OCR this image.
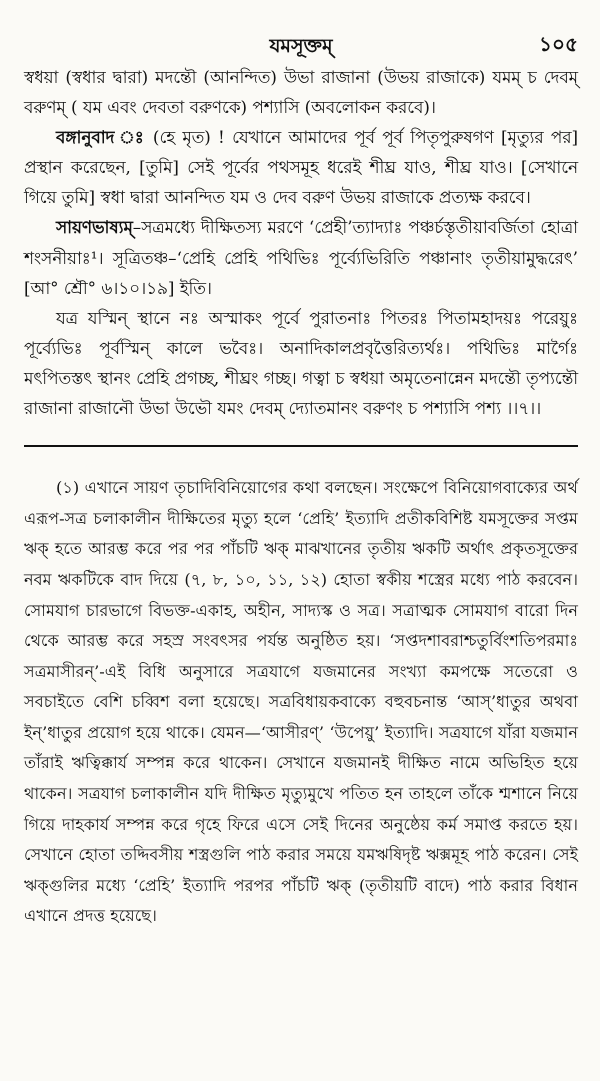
যমসূক্তম্	১০৫

স্বধয়া (স্বধার দ্বারা) মদন্তৌ (আনন্দিত) উভা রাজানা (উভয় রাজাকে) যমম্ চ দেবম্ বরুণম্ ( যম এবং দেবতা বরুণকে) পশ্যাসি (অবলোকন করবে)।

বঙ্গানুবাদ ঃ (হে মৃত) ! যেখানে আমাদের পূর্ব পূর্ব পিতৃপুরুষগণ [মৃত্যুর পর] প্রস্থান করেছেন, [তুমি] সেই পূর্বের পথসমূহ ধরেই শীঘ্র যাও, শীঘ্র যাও। [সেখানে গিয়ে তুমি] স্বধা দ্বারা আনন্দিত যম ও দেব বরুণ উভয় রাজাকে প্রত্যক্ষ করবে।

সায়ণভাষ্যম্–সত্রমধ্যে দীক্ষিতস্য মরণে ‘প্রেহী’ত্যাদ্যাঃ পঞ্চর্চস্তৃতীয়াবর্জিতা হোত্রা শংসনীয়াঃ¹। সূত্রিতঞ্চ–‘প্রেহি প্রেহি পথিভিঃ পূর্ব্যেভিরিতি পঞ্চানাং তৃতীয়ামুদ্ধরেৎ’ [আ° শ্রৌ° ৬।১০।১৯] ইতি।

যত্র যস্মিন্ স্থানে নঃ অস্মাকং পূর্বে পুরাতনাঃ পিতরঃ পিতামহাদয়ঃ পরেয়ুঃ পূর্ব্যেভিঃ পূর্বস্মিন্ কালে ভবৈঃ। অনাদিকালপ্রবৃত্তৈরিত্যর্থঃ। পথিভিঃ মার্গৈঃ মৎপিতস্তৎ স্থানং প্রেহি প্রগচ্ছ, শীঘ্রং গচ্ছ। গত্বা চ স্বধয়া অমৃতেনান্নেন মদন্তৌ তৃপ্যন্তৌ রাজানা রাজানৌ উভা উভৌ যমং দেবম্ দ্যোতমানং বরুণং চ পশ্যাসি পশ্য ।।৭।।

(১) এখানে সায়ণ তৃচাদিবিনিয়োগের কথা বলছেন। সংক্ষেপে বিনিয়োগবাক্যের অর্থ এরূপ-সত্র চলাকালীন দীক্ষিতের মৃত্যু হলে ‘প্রেহি’ ইত্যাদি প্রতীকবিশিষ্ট যমসূক্তের সপ্তম ঋক্ হতে আরম্ভ করে পর পর পাঁচটি ঋক্ মাঝখানের তৃতীয় ঋকটি অর্থাৎ প্রকৃতসূক্তের নবম ঋকটিকে বাদ দিয়ে (৭, ৮, ১০, ১১, ১২) হোতা স্বকীয় শস্ত্রের মধ্যে পাঠ করবেন। সোমযাগ চারভাগে বিভক্ত-একাহ, অহীন, সাদ্যস্ক ও সত্র। সত্রাত্মক সোমযাগ বারো দিন থেকে আরম্ভ করে সহস্র সংবৎসর পর্যন্ত অনুষ্ঠিত হয়। ‘সপ্তদশাবরাশ্চতুর্বিংশতিপরমাঃ সত্রমাসীরন্’-এই বিধি অনুসারে সত্রযাগে যজমানের সংখ্যা কমপক্ষে সতেরো ও সবচাইতে বেশি চব্বিশ বলা হয়েছে। সত্রবিধায়কবাক্যে বহুবচনান্ত ‘আস্’ধাতুর অথবা ইন্’ধাতুর প্রয়োগ হয়ে থাকে। যেমন—‘আসীরণ্’ ‘উপেয়ু’ ইত্যাদি। সত্রযাগে যাঁরা যজমান তাঁরাই ঋত্বিক্কার্য সম্পন্ন করে থাকেন। সেখানে যজমানই দীক্ষিত নামে অভিহিত হয়ে থাকেন। সত্রযাগ চলাকালীন যদি দীক্ষিত মৃত্যুমুখে পতিত হন তাহলে তাঁকে শ্মশানে নিয়ে গিয়ে দাহকার্য সম্পন্ন করে গৃহে ফিরে এসে সেই দিনের অনুষ্ঠেয় কর্ম সমাপ্ত করতে হয়। সেখানে হোতা তদ্দিবসীয় শস্ত্রগুলি পাঠ করার সময়ে যমঋষিদৃষ্ট ঋক্সমূহ পাঠ করেন। সেই ঋক্গুলির মধ্যে ‘প্রেহি’ ইত্যাদি পরপর পাঁচটি ঋক্ (তৃতীয়টি বাদে) পাঠ করার বিধান এখানে প্রদত্ত হয়েছে।
